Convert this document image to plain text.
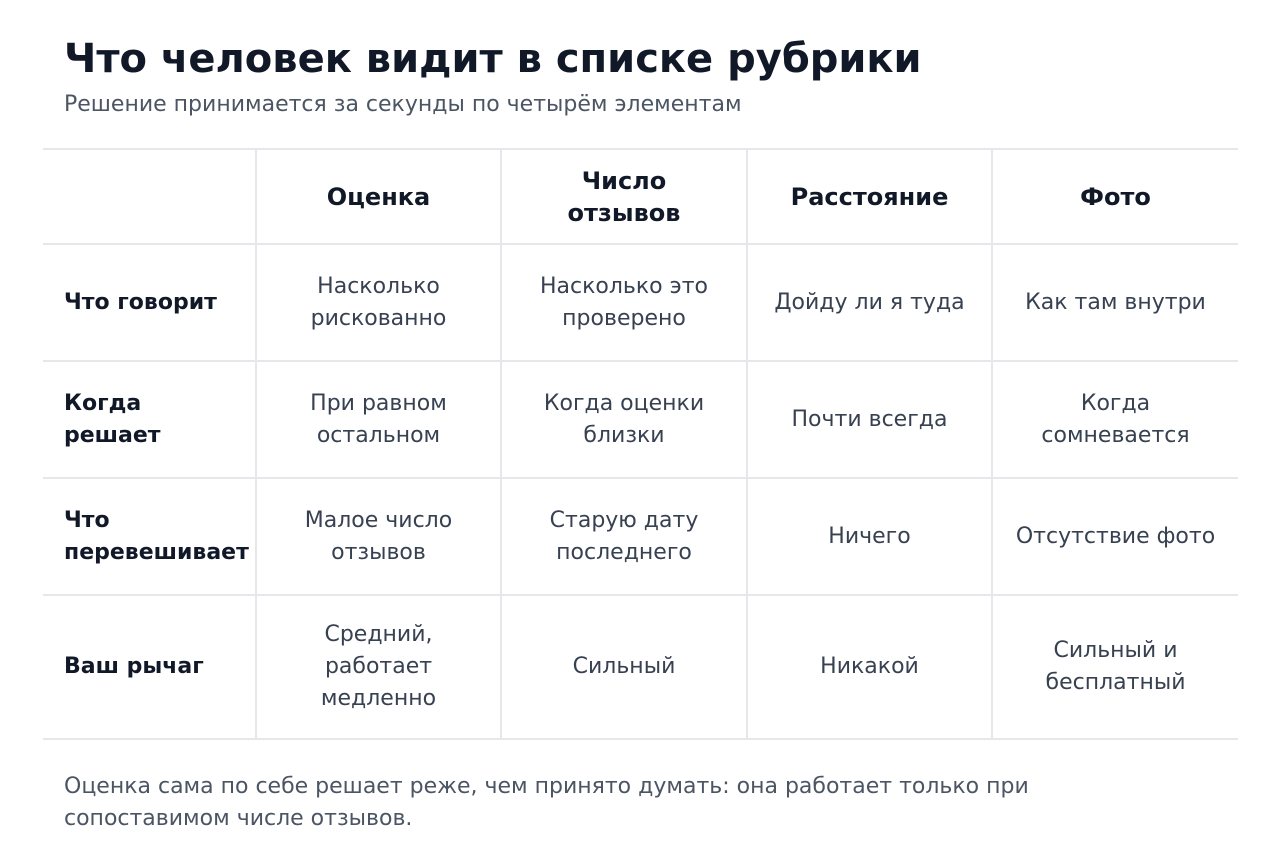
Что человек видит в списке рубрики

Решение принимается за секунды по четырём элементам

	Оценка	Число отзывов	Расстояние	Фото
Что говорит	Насколько рискованно	Насколько это проверено	Дойду ли я туда	Как там внутри
Когда решает	При равном остальном	Когда оценки близки	Почти всегда	Когда сомневается
Что перевешивает	Малое число отзывов	Старую дату последнего	Ничего	Отсутствие фото
Ваш рычаг	Средний, работает медленно	Сильный	Никакой	Сильный и бесплатный

Оценка сама по себе решает реже, чем принято думать: она работает только при сопоставимом числе отзывов.
